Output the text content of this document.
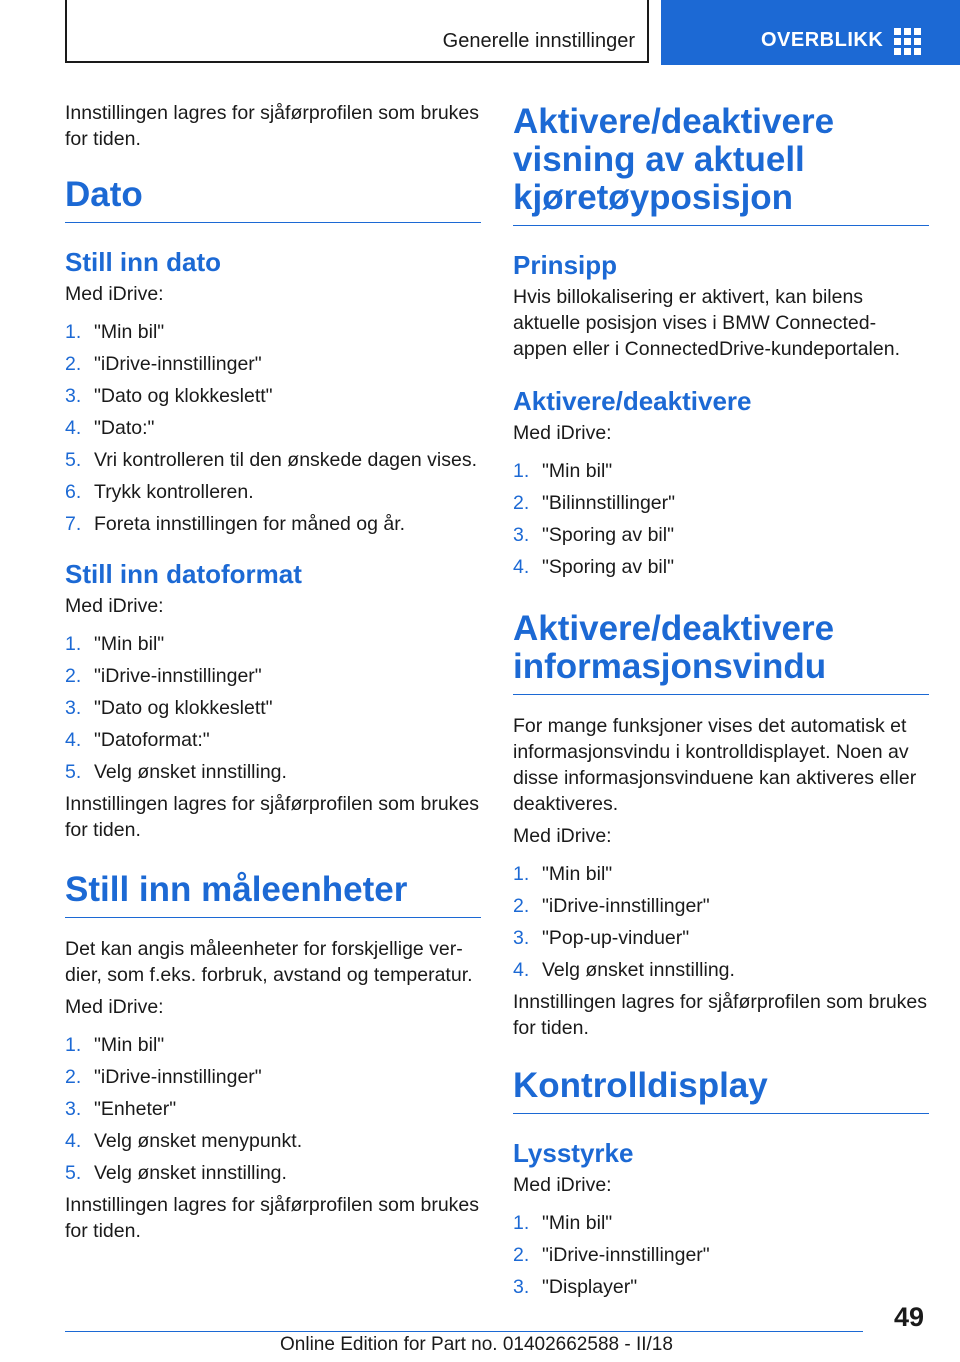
Generelle innstillinger	OVERBLIKK

Innstillingen lagres for sjåførprofilen som brukes for tiden.

Dato
Still inn dato

Med iDrive:

1. "Min bil"
2. "iDrive-innstillinger"
3. "Dato og klokkeslett"
4. "Dato:"
5. Vri kontrolleren til den ønskede dagen vises.
6. Trykk kontrolleren.
7. Foreta innstillingen for måned og år.
Still inn datoformat

Med iDrive:

1. "Min bil"
2. "iDrive-innstillinger"
3. "Dato og klokkeslett"
4. "Datoformat:"
5. Velg ønsket innstilling.

Innstillingen lagres for sjåførprofilen som brukes for tiden.

Still inn måleenheter

Det kan angis måleenheter for forskjellige verdier, som f.eks. forbruk, avstand og temperatur.

Med iDrive:

1. "Min bil"
2. "iDrive-innstillinger"
3. "Enheter"
4. Velg ønsket menypunkt.
5. Velg ønsket innstilling.

Innstillingen lagres for sjåførprofilen som brukes for tiden.

Aktivere/deaktivere visning av aktuell kjøretøyposisjon
Prinsipp

Hvis billokalisering er aktivert, kan bilens aktuelle posisjon vises i BMW Connected-appen eller i ConnectedDrive-kundeportalen.

Aktivere/deaktivere

Med iDrive:

1. "Min bil"
2. "Bilinnstillinger"
3. "Sporing av bil"
4. "Sporing av bil"
Aktivere/deaktivere informasjonsvindu

For mange funksjoner vises det automatisk et informasjonsvindu i kontrolldisplayet. Noen av disse informasjonsvinduene kan aktiveres eller deaktiveres.

Med iDrive:

1. "Min bil"
2. "iDrive-innstillinger"
3. "Pop-up-vinduer"
4. Velg ønsket innstilling.

Innstillingen lagres for sjåførprofilen som brukes for tiden.

Kontrolldisplay
Lysstyrke

Med iDrive:

1. "Min bil"
2. "iDrive-innstillinger"
3. "Displayer"
49
Online Edition for Part no. 01402662588 - II/18
